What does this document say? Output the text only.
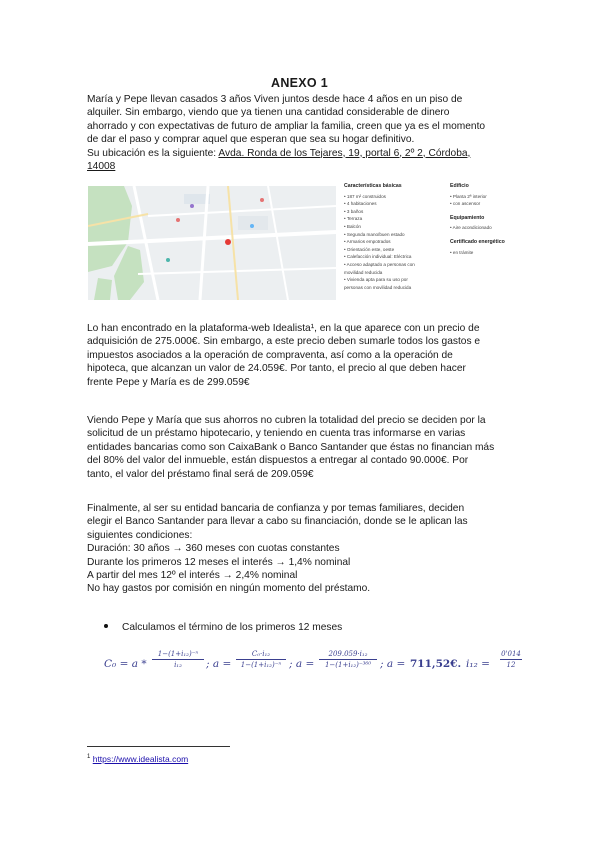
ANEXO 1

María y Pepe llevan casados 3 años Viven juntos desde hace 4 años en un piso de
alquiler. Sin embargo, viendo que ya tienen una cantidad considerable de dinero
ahorrado y con expectativas de futuro de ampliar la familia, creen que ya es el momento
de dar el paso y comprar aquel que esperan que sea su hogar definitivo.
Su ubicación es la siguiente: Avda. Ronda de los Tejares, 19, portal 6, 2º 2, Córdoba,
14008

Características básicas
• 187 m² construidos
• 4 habitaciones
• 3 baños
• Terraza
• Balcón
• Segunda mano/buen estado
• Armarios empotrados
• Orientación este, oeste
• Calefacción individual: Eléctrica
• Acceso adaptado a personas con movilidad reducida
• Vivienda apta para su uso por personas con movilidad reducida
Edificio
• Planta 2ª interior
• con ascensor
Equipamiento
• Aire acondicionado
Certificado energético
• en trámite

Lo han encontrado en la plataforma-web Idealista¹, en la que aparece con un precio de
adquisición de 275.000€. Sin embargo, a este precio deben sumarle todos los gastos e
impuestos asociados a la operación de compraventa, así como a la operación de
hipoteca, que alcanzan un valor de 24.059€. Por tanto, el precio al que deben hacer
frente Pepe y María es de 299.059€

Viendo Pepe y María que sus ahorros no cubren la totalidad del precio se deciden por la
solicitud de un préstamo hipotecario, y teniendo en cuenta tras informarse en varias
entidades bancarias como son CaixaBank o Banco Santander que éstas no financian más
del 80% del valor del inmueble, están dispuestos a entregar al contado 90.000€. Por
tanto, el valor del préstamo final será de 209.059€

Finalmente, al ser su entidad bancaria de confianza y por temas familiares, deciden
elegir el Banco Santander para llevar a cabo su financiación, donde se le aplican las
siguientes condiciones:
Duración: 30 años → 360 meses con cuotas constantes
Durante los primeros 12 meses el interés → 1,4% nominal
A partir del mes 12º el interés → 2,4% nominal
No hay gastos por comisión en ningún momento del préstamo.

Calculamos el término de los primeros 12 meses
$C_0 = a * \frac{\text{1−(1+i₁₂)⁻ⁿ}}{\text{i₁₂}}$ ; $a = \frac{\text{C₀·i₁₂}}{\text{1−(1+i₁₂)⁻ⁿ}}$ ; $a = \frac{\text{209.059·i₁₂}}{\text{1−(1+i₁₂)⁻³⁶⁰}}$ ; a = 711,52€. $i_{12} = \frac{0'014}{12}$
$^1$ https://www.idealista.com
